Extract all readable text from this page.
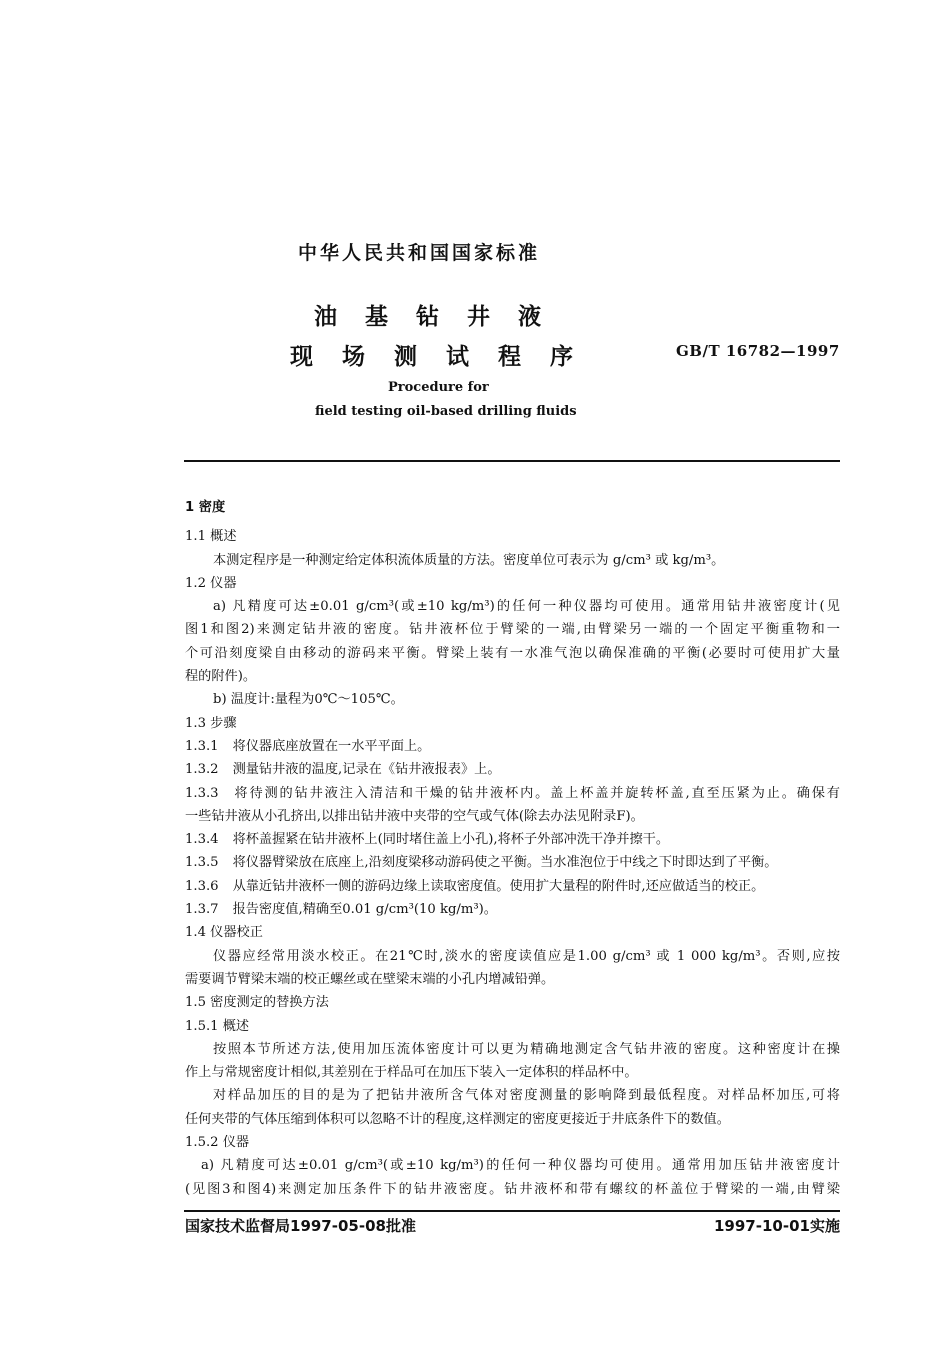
中华人民共和国国家标准
油基钻井液
现场测试程序	GB/T 16782—1997
Procedure for
field testing oil-based drilling fluids
1 密度
1.1 概述
本测定程序是一种测定给定体积流体质量的方法。密度单位可表示为 g/cm³ 或 kg/m³。
1.2 仪器
a) 凡精度可达±0.01 g/cm³(或±10 kg/m³)的任何一种仪器均可使用。通常用钻井液密度计(见
图1和图2)来测定钻井液的密度。钻井液杯位于臂梁的一端,由臂梁另一端的一个固定平衡重物和一
个可沿刻度梁自由移动的游码来平衡。臂梁上装有一水准气泡以确保准确的平衡(必要时可使用扩大量
程的附件)。
b) 温度计:量程为0℃～105℃。
1.3 步骤
1.3.1 将仪器底座放置在一水平平面上。
1.3.2 测量钻井液的温度,记录在《钻井液报表》上。
1.3.3 将待测的钻井液注入清洁和干燥的钻井液杯内。盖上杯盖并旋转杯盖,直至压紧为止。确保有
一些钻井液从小孔挤出,以排出钻井液中夹带的空气或气体(除去办法见附录F)。
1.3.4 将杯盖握紧在钻井液杯上(同时堵住盖上小孔),将杯子外部冲洗干净并擦干。
1.3.5 将仪器臂梁放在底座上,沿刻度梁移动游码使之平衡。当水准泡位于中线之下时即达到了平衡。
1.3.6 从靠近钻井液杯一侧的游码边缘上读取密度值。使用扩大量程的附件时,还应做适当的校正。
1.3.7 报告密度值,精确至0.01 g/cm³(10 kg/m³)。
1.4 仪器校正
仪器应经常用淡水校正。在21℃时,淡水的密度读值应是1.00 g/cm³ 或 1 000 kg/m³。否则,应按
需要调节臂梁末端的校正螺丝或在壁梁末端的小孔内增减铅弹。
1.5 密度测定的替换方法
1.5.1 概述
按照本节所述方法,使用加压流体密度计可以更为精确地测定含气钻井液的密度。这种密度计在操
作上与常规密度计相似,其差别在于样品可在加压下装入一定体积的样品杯中。
对样品加压的目的是为了把钻井液所含气体对密度测量的影响降到最低程度。对样品杯加压,可将
任何夹带的气体压缩到体积可以忽略不计的程度,这样测定的密度更接近于井底条件下的数值。
1.5.2 仪器
a) 凡精度可达±0.01 g/cm³(或±10 kg/m³)的任何一种仪器均可使用。通常用加压钻井液密度计
(见图3和图4)来测定加压条件下的钻井液密度。钻井液杯和带有螺纹的杯盖位于臂梁的一端,由臂梁
国家技术监督局1997-05-08批准	1997-10-01实施
